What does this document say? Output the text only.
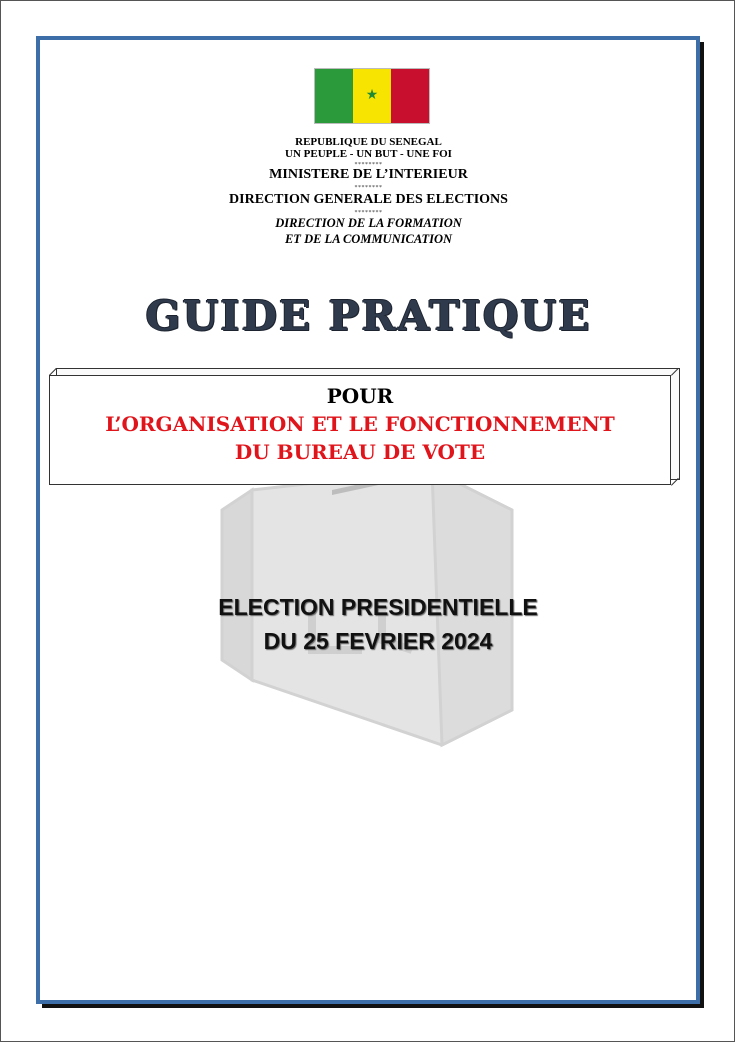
★
REPUBLIQUE DU SENEGAL
UN PEUPLE - UN BUT - UNE FOI
********
MINISTERE DE L’INTERIEUR
********
DIRECTION GENERALE DES ELECTIONS
********
DIRECTION DE LA FORMATION
ET DE LA COMMUNICATION
GUIDE PRATIQUE
POUR
L’ORGANISATION ET LE FONCTIONNEMENT
DU BUREAU DE VOTE
ELECTION PRESIDENTIELLE
DU 25 FEVRIER 2024
